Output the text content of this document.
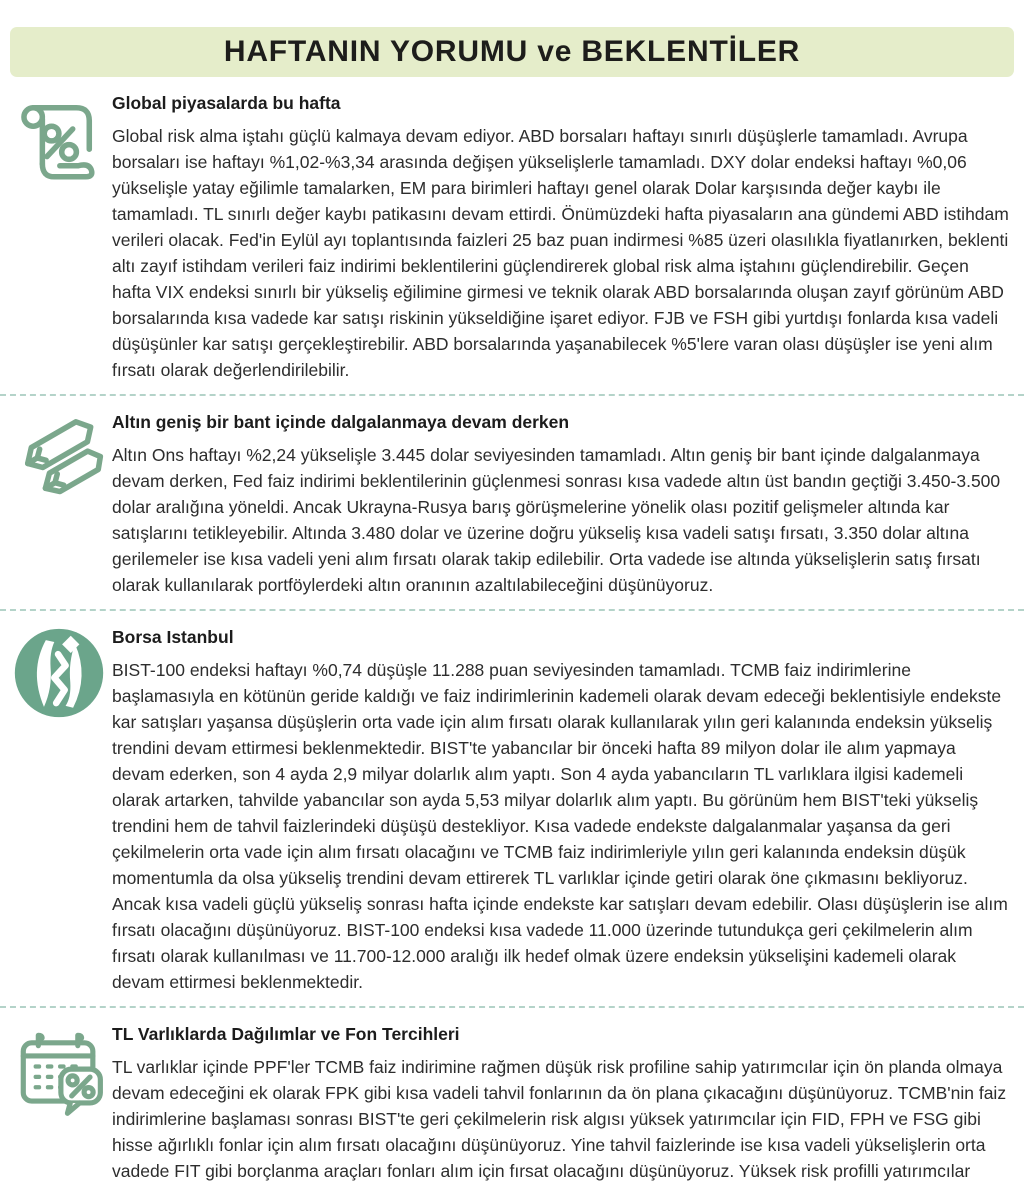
HAFTANIN YORUMU ve BEKLENTİLER
Global piyasalarda bu hafta

Global risk alma iştahı güçlü kalmaya devam ediyor. ABD borsaları haftayı sınırlı düşüşlerle tamamladı. Avrupa borsaları ise haftayı %1,02-%3,34 arasında değişen yükselişlerle tamamladı. DXY dolar endeksi haftayı %0,06 yükselişle yatay eğilimle tamalarken, EM para birimleri haftayı genel olarak Dolar karşısında değer kaybı ile tamamladı. TL sınırlı değer kaybı patikasını devam ettirdi. Önümüzdeki hafta piyasaların ana gündemi ABD istihdam verileri olacak. Fed'in Eylül ayı toplantısında faizleri 25 baz puan indirmesi %85 üzeri olasılıkla fiyatlanırken, beklenti altı zayıf istihdam verileri faiz indirimi beklentilerini güçlendirerek global risk alma iştahını güçlendirebilir. Geçen hafta VIX endeksi sınırlı bir yükseliş eğilimine girmesi ve teknik olarak ABD borsalarında oluşan zayıf görünüm ABD borsalarında kısa vadede kar satışı riskinin yükseldiğine işaret ediyor. FJB ve FSH gibi yurtdışı fonlarda kısa vadeli düşüşünler kar satışı gerçekleştirebilir. ABD borsalarında yaşanabilecek %5'lere varan olası düşüşler ise yeni alım fırsatı olarak değerlendirilebilir.

Altın geniş bir bant içinde dalgalanmaya devam derken

Altın Ons haftayı %2,24 yükselişle 3.445 dolar seviyesinden tamamladı. Altın geniş bir bant içinde dalgalanmaya devam derken, Fed faiz indirimi beklentilerinin güçlenmesi sonrası kısa vadede altın üst bandın geçtiği 3.450-3.500 dolar aralığına yöneldi. Ancak Ukrayna-Rusya barış görüşmelerine yönelik olası pozitif gelişmeler altında kar satışlarını tetikleyebilir. Altında 3.480 dolar ve üzerine doğru yükseliş kısa vadeli satışı fırsatı, 3.350 dolar altına gerilemeler ise kısa vadeli yeni alım fırsatı olarak takip edilebilir. Orta vadede ise altında yükselişlerin satış fırsatı olarak kullanılarak portföylerdeki altın oranının azaltılabileceğini düşünüyoruz.

Borsa Istanbul

BIST-100 endeksi haftayı %0,74 düşüşle 11.288 puan seviyesinden tamamladı. TCMB faiz indirimlerine başlamasıyla en kötünün geride kaldığı ve faiz indirimlerinin kademeli olarak devam edeceği beklentisiyle endekste kar satışları yaşansa düşüşlerin orta vade için alım fırsatı olarak kullanılarak yılın geri kalanında endeksin yükseliş trendini devam ettirmesi beklenmektedir. BIST'te yabancılar bir önceki hafta 89 milyon dolar ile alım yapmaya devam ederken, son 4 ayda 2,9 milyar dolarlık alım yaptı. Son 4 ayda yabancıların TL varlıklara ilgisi kademeli olarak artarken, tahvilde yabancılar son ayda 5,53 milyar dolarlık alım yaptı. Bu görünüm hem BIST'teki yükseliş trendini hem de tahvil faizlerindeki düşüşü destekliyor. Kısa vadede endekste dalgalanmalar yaşansa da geri çekilmelerin orta vade için alım fırsatı olacağını ve TCMB faiz indirimleriyle yılın geri kalanında endeksin düşük momentumla da olsa yükseliş trendini devam ettirerek TL varlıklar içinde getiri olarak öne çıkmasını bekliyoruz. Ancak kısa vadeli güçlü yükseliş sonrası hafta içinde endekste kar satışları devam edebilir. Olası düşüşlerin ise alım fırsatı olacağını düşünüyoruz. BIST-100 endeksi kısa vadede 11.000 üzerinde tutundukça geri çekilmelerin alım fırsatı olarak kullanılması ve 11.700-12.000 aralığı ilk hedef olmak üzere endeksin yükselişini kademeli olarak devam ettirmesi beklenmektedir.

TL Varlıklarda Dağılımlar ve Fon Tercihleri

TL varlıklar içinde PPF'ler TCMB faiz indirimine rağmen düşük risk profiline sahip yatırımcılar için ön planda olmaya devam edeceğini ek olarak FPK gibi kısa vadeli tahvil fonlarının da ön plana çıkacağını düşünüyoruz. TCMB'nin faiz indirimlerine başlaması sonrası BIST'te geri çekilmelerin risk algısı yüksek yatırımcılar için FID, FPH ve FSG gibi hisse ağırlıklı fonlar için alım fırsatı olacağını düşünüyoruz. Yine tahvil faizlerinde ise kısa vadeli yükselişlerin orta vadede FIT gibi borçlanma araçları fonları alım için fırsat olacağını düşünüyoruz. Yüksek risk profilli yatırımcılar
